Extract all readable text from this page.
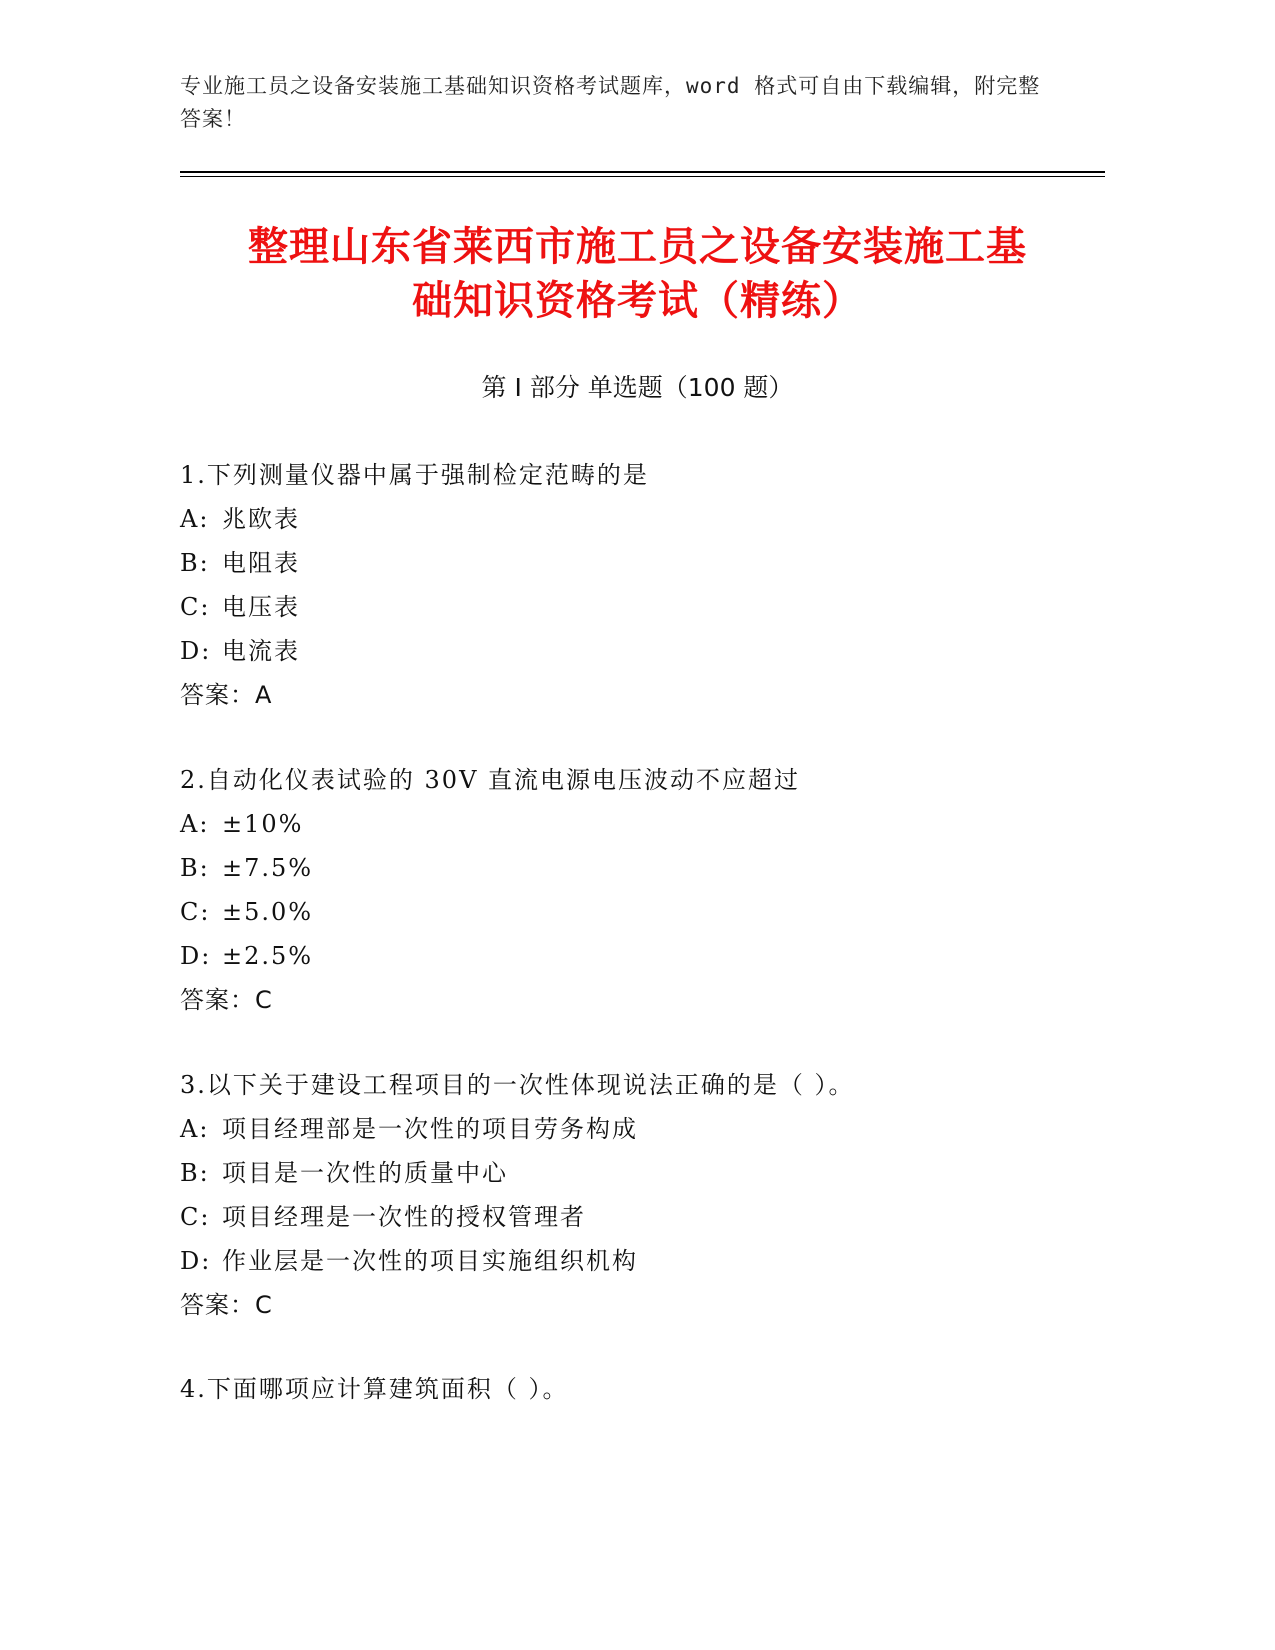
专业施工员之设备安装施工基础知识资格考试题库，word 格式可自由下载编辑，附完整答案！
整理山东省莱西市施工员之设备安装施工基
础知识资格考试（精练）
第 I 部分 单选题（100 题）
1.下列测量仪器中属于强制检定范畴的是
A: 兆欧表
B: 电阻表
C: 电压表
D: 电流表
答案：A
2.自动化仪表试验的 30V 直流电源电压波动不应超过
A: ±10%
B: ±7.5%
C: ±5.0%
D: ±2.5%
答案：C
3.以下关于建设工程项目的一次性体现说法正确的是（ ）。
A: 项目经理部是一次性的项目劳务构成
B: 项目是一次性的质量中心
C: 项目经理是一次性的授权管理者
D: 作业层是一次性的项目实施组织机构
答案：C
4.下面哪项应计算建筑面积（ ）。
